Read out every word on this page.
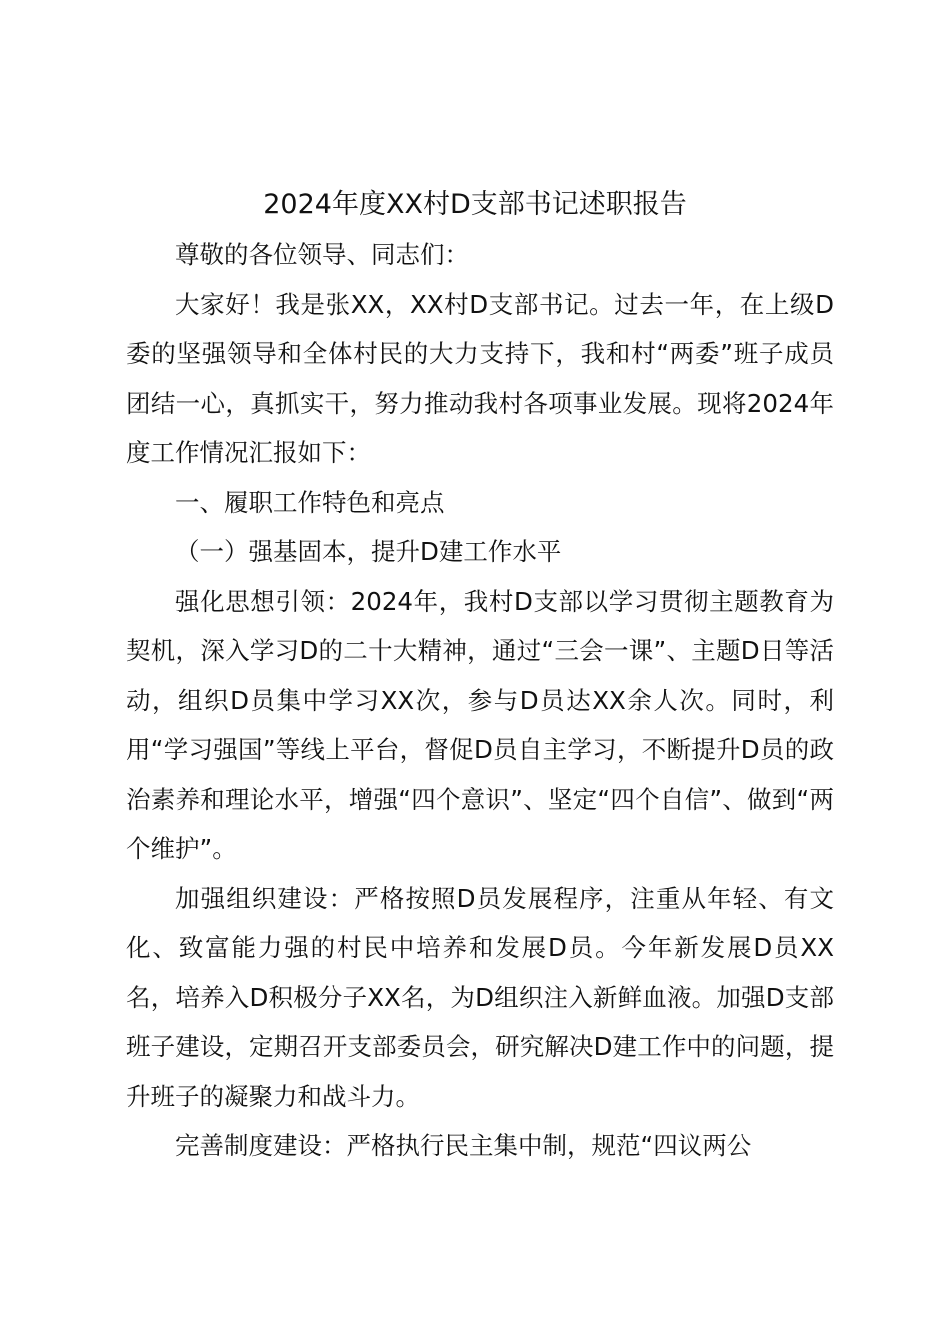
2024年度XX村D支部书记述职报告

尊敬的各位领导、同志们：

大家好！我是张XX，XX村D支部书记。过去一年，在上级D委的坚强领导和全体村民的大力支持下，我和村“两委”班子成员团结一心，真抓实干，努力推动我村各项事业发展。现将2024年度工作情况汇报如下：

一、履职工作特色和亮点

（一）强基固本，提升D建工作水平

强化思想引领：2024年，我村D支部以学习贯彻主题教育为契机，深入学习D的二十大精神，通过“三会一课”、主题D日等活动，组织D员集中学习XX次，参与D员达XX余人次。同时，利用“学习强国”等线上平台，督促D员自主学习，不断提升D员的政治素养和理论水平，增强“四个意识”、坚定“四个自信”、做到“两个维护”。

加强组织建设：严格按照D员发展程序，注重从年轻、有文化、致富能力强的村民中培养和发展D员。今年新发展D员XX名，培养入D积极分子XX名，为D组织注入新鲜血液。加强D支部班子建设，定期召开支部委员会，研究解决D建工作中的问题，提升班子的凝聚力和战斗力。

完善制度建设：严格执行民主集中制，规范“四议两公
